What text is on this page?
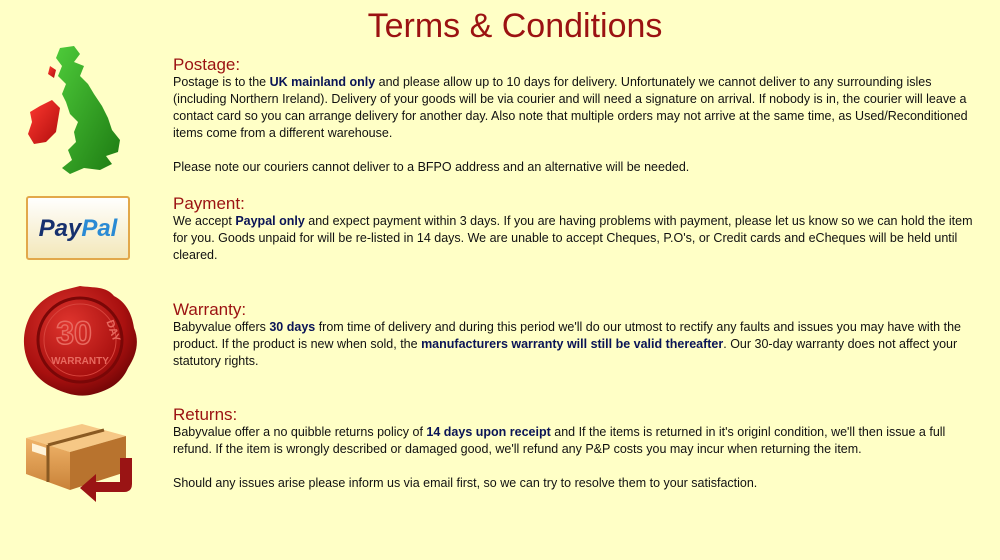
Terms & Conditions
PayPal
30 DAY
WARRANTY
Postage:

Postage is to the UK mainland only and please allow up to 10 days for delivery. Unfortunately we cannot deliver to any surrounding isles (including Northern Ireland). Delivery of your goods will be via courier and will need a signature on arrival. If nobody is in, the courier will leave a contact card so you can arrange delivery for another day. Also note that multiple orders may not arrive at the same time, as Used/Reconditioned items come from a different warehouse.

Please note our couriers cannot deliver to a BFPO address and an alternative will be needed.

Payment:

We accept Paypal only and expect payment within 3 days. If you are having problems with payment, please let us know so we can hold the item for you. Goods unpaid for will be re-listed in 14 days. We are unable to accept Cheques, P.O's, or Credit cards and eCheques will be held until cleared.

Warranty:

Babyvalue offers 30 days from time of delivery and during this period we'll do our utmost to rectify any faults and issues you may have with the product. If the product is new when sold, the manufacturers warranty will still be valid thereafter. Our 30-day warranty does not affect your statutory rights.

Returns:

Babyvalue offer a no quibble returns policy of 14 days upon receipt and If the items is returned in it's originl condition, we'll then issue a full refund. If the item is wrongly described or damaged good, we'll refund any P&P costs you may incur when returning the item.

Should any issues arise please inform us via email first, so we can try to resolve them to your satisfaction.
